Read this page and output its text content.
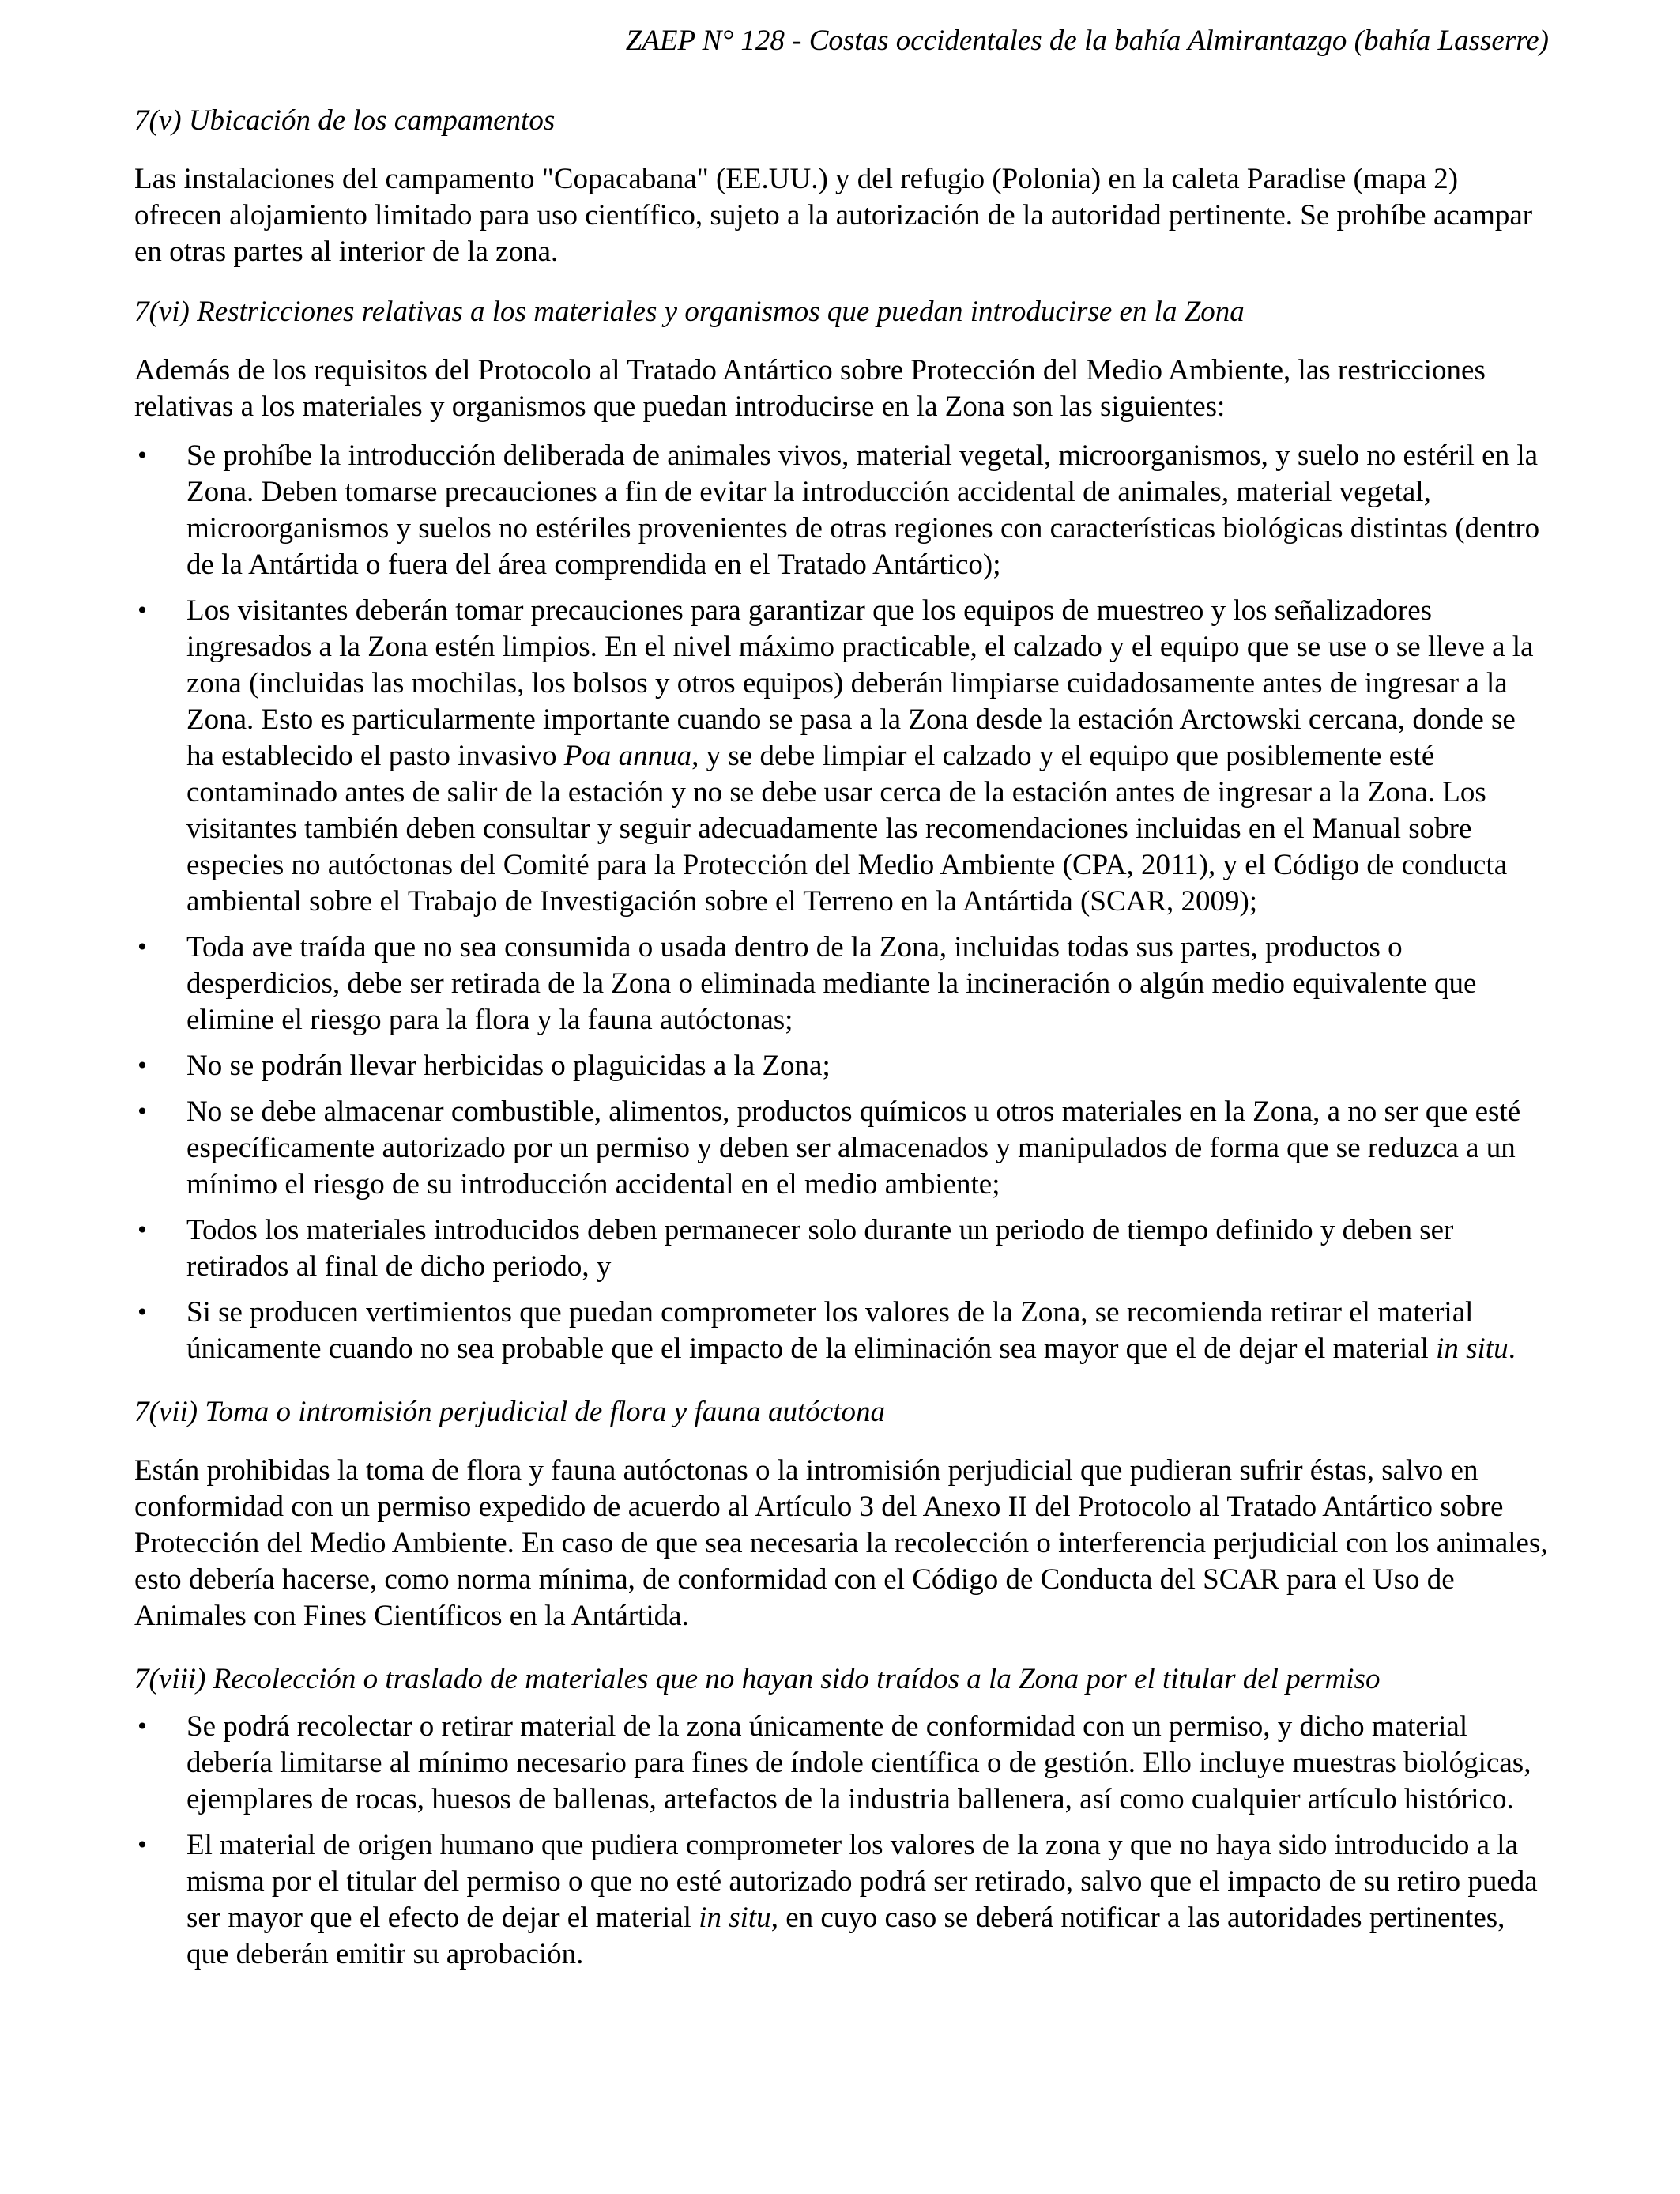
ZAEP N° 128 - Costas occidentales de la bahía Almirantazgo (bahía Lasserre)
7(v) Ubicación de los campamentos

Las instalaciones del campamento "Copacabana" (EE.UU.) y del refugio (Polonia) en la caleta Paradise (mapa 2) ofrecen alojamiento limitado para uso científico, sujeto a la autorización de la autoridad pertinente. Se prohíbe acampar en otras partes al interior de la zona.

7(vi) Restricciones relativas a los materiales y organismos que puedan introducirse en la Zona

Además de los requisitos del Protocolo al Tratado Antártico sobre Protección del Medio Ambiente, las restricciones relativas a los materiales y organismos que puedan introducirse en la Zona son las siguientes:

• Se prohíbe la introducción deliberada de animales vivos, material vegetal, microorganismos, y suelo no estéril en la Zona. Deben tomarse precauciones a fin de evitar la introducción accidental de animales, material vegetal, microorganismos y suelos no estériles provenientes de otras regiones con características biológicas distintas (dentro de la Antártida o fuera del área comprendida en el Tratado Antártico);
• Los visitantes deberán tomar precauciones para garantizar que los equipos de muestreo y los señalizadores ingresados a la Zona estén limpios. En el nivel máximo practicable, el calzado y el equipo que se use o se lleve a la zona (incluidas las mochilas, los bolsos y otros equipos) deberán limpiarse cuidadosamente antes de ingresar a la Zona. Esto es particularmente importante cuando se pasa a la Zona desde la estación Arctowski cercana, donde se ha establecido el pasto invasivo Poa annua, y se debe limpiar el calzado y el equipo que posiblemente esté contaminado antes de salir de la estación y no se debe usar cerca de la estación antes de ingresar a la Zona. Los visitantes también deben consultar y seguir adecuadamente las recomendaciones incluidas en el Manual sobre especies no autóctonas del Comité para la Protección del Medio Ambiente (CPA, 2011), y el Código de conducta ambiental sobre el Trabajo de Investigación sobre el Terreno en la Antártida (SCAR, 2009);
• Toda ave traída que no sea consumida o usada dentro de la Zona, incluidas todas sus partes, productos o desperdicios, debe ser retirada de la Zona o eliminada mediante la incineración o algún medio equivalente que elimine el riesgo para la flora y la fauna autóctonas;
• No se podrán llevar herbicidas o plaguicidas a la Zona;
• No se debe almacenar combustible, alimentos, productos químicos u otros materiales en la Zona, a no ser que esté específicamente autorizado por un permiso y deben ser almacenados y manipulados de forma que se reduzca a un mínimo el riesgo de su introducción accidental en el medio ambiente;
• Todos los materiales introducidos deben permanecer solo durante un periodo de tiempo definido y deben ser retirados al final de dicho periodo, y
• Si se producen vertimientos que puedan comprometer los valores de la Zona, se recomienda retirar el material únicamente cuando no sea probable que el impacto de la eliminación sea mayor que el de dejar el material in situ.
7(vii) Toma o intromisión perjudicial de flora y fauna autóctona

Están prohibidas la toma de flora y fauna autóctonas o la intromisión perjudicial que pudieran sufrir éstas, salvo en conformidad con un permiso expedido de acuerdo al Artículo 3 del Anexo II del Protocolo al Tratado Antártico sobre Protección del Medio Ambiente. En caso de que sea necesaria la recolección o interferencia perjudicial con los animales, esto debería hacerse, como norma mínima, de conformidad con el Código de Conducta del SCAR para el Uso de Animales con Fines Científicos en la Antártida.

7(viii) Recolección o traslado de materiales que no hayan sido traídos a la Zona por el titular del permiso
• Se podrá recolectar o retirar material de la zona únicamente de conformidad con un permiso, y dicho material debería limitarse al mínimo necesario para fines de índole científica o de gestión. Ello incluye muestras biológicas, ejemplares de rocas, huesos de ballenas, artefactos de la industria ballenera, así como cualquier artículo histórico.
• El material de origen humano que pudiera comprometer los valores de la zona y que no haya sido introducido a la misma por el titular del permiso o que no esté autorizado podrá ser retirado, salvo que el impacto de su retiro pueda ser mayor que el efecto de dejar el material in situ, en cuyo caso se deberá notificar a las autoridades pertinentes, que deberán emitir su aprobación.
